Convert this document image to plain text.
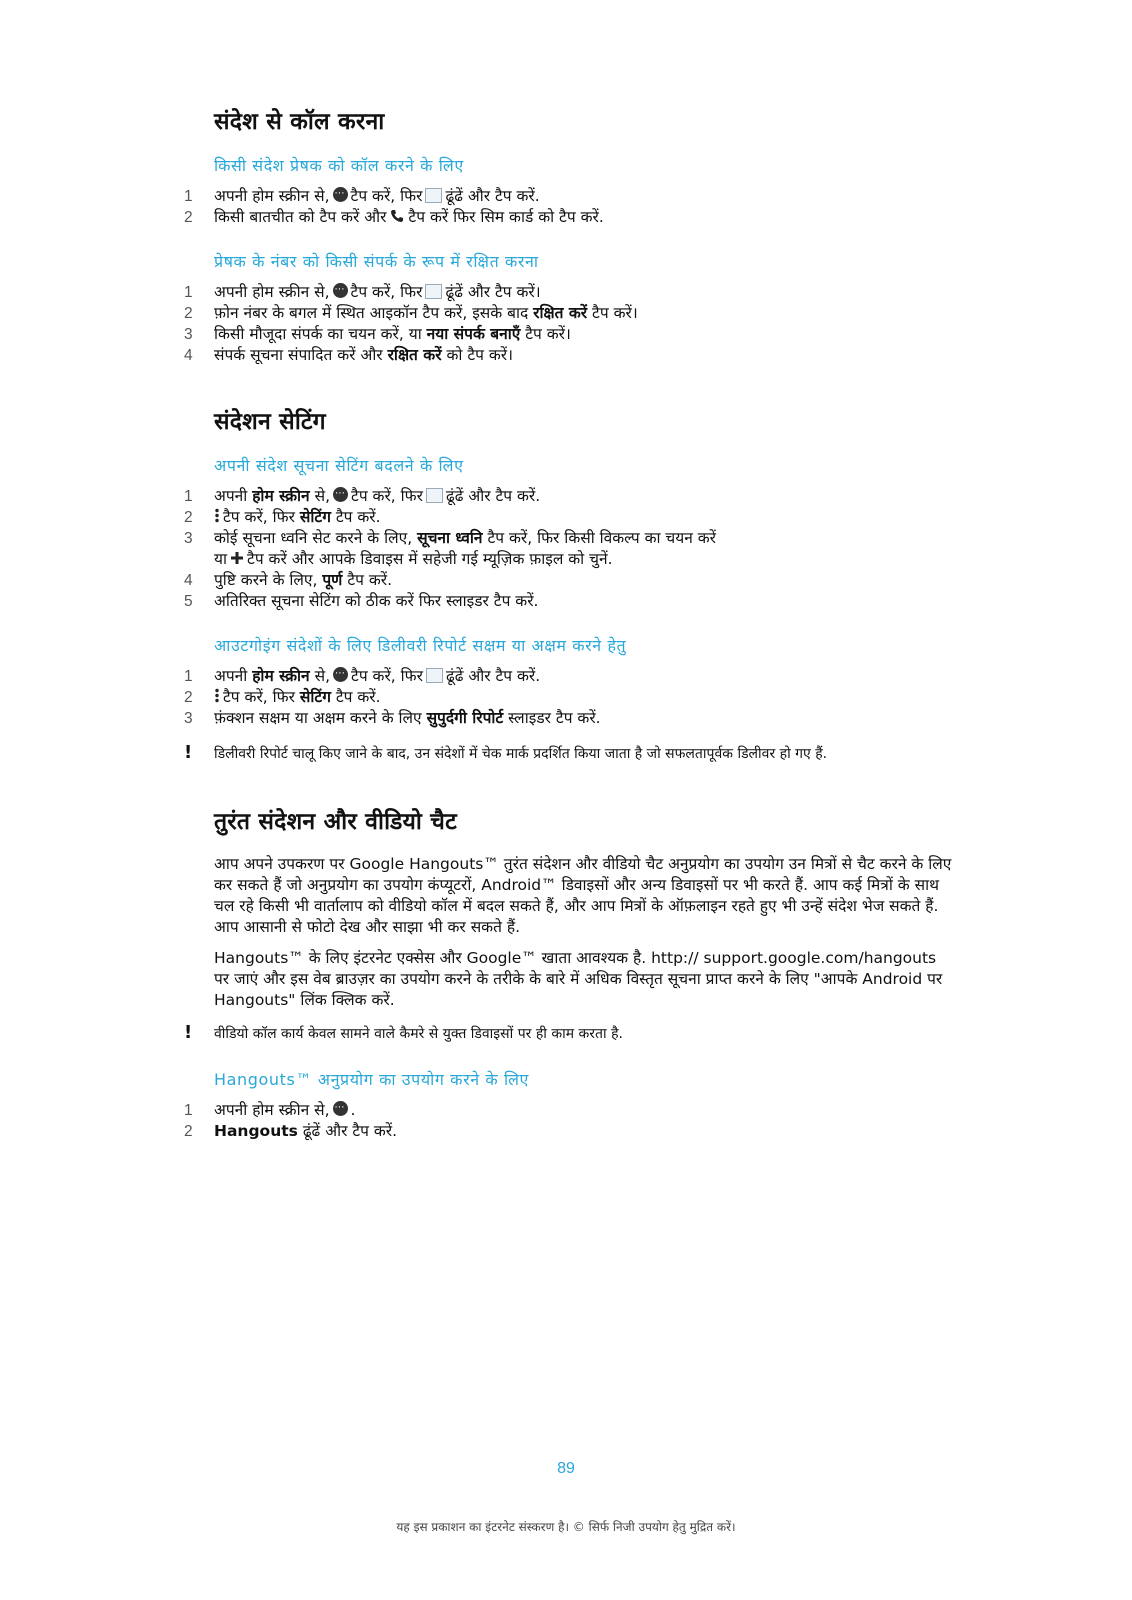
संदेश से कॉल करना
किसी संदेश प्रेषक को कॉल करने के लिए
1	अपनी होम स्क्रीन से, ⋯ टैप करें, फिर ढूंढें और टैप करें.
2	किसी बातचीत को टैप करें और टैप करें फिर सिम कार्ड को टैप करें.
प्रेषक के नंबर को किसी संपर्क के रूप में रक्षित करना
1	अपनी होम स्क्रीन से, ⋯ टैप करें, फिर ढूंढें और टैप करें।
2	फ़ोन नंबर के बगल में स्थित आइकॉन टैप करें, इसके बाद रक्षित करें टैप करें।
3	किसी मौजूदा संपर्क का चयन करें, या नया संपर्क बनाएँ टैप करें।
4	संपर्क सूचना संपादित करें और रक्षित करें को टैप करें।
संदेशन सेटिंग
अपनी संदेश सूचना सेटिंग बदलने के लिए
1	अपनी होम स्क्रीन से, ⋯ टैप करें, फिर ढूंढें और टैप करें.
2	टैप करें, फिर सेटिंग टैप करें.
3	कोई सूचना ध्वनि सेट करने के लिए, सूचना ध्वनि टैप करें, फिर किसी विकल्प का चयन करें
या टैप करें और आपके डिवाइस में सहेजी गई म्यूज़िक फ़ाइल को चुनें.
4	पुष्टि करने के लिए, पूर्ण टैप करें.
5	अतिरिक्त सूचना सेटिंग को ठीक करें फिर स्लाइडर टैप करें.
आउटगोइंग संदेशों के लिए डिलीवरी रिपोर्ट सक्षम या अक्षम करने हेतु
1	अपनी होम स्क्रीन से, ⋯ टैप करें, फिर ढूंढें और टैप करें.
2	टैप करें, फिर सेटिंग टैप करें.
3	फ़ंक्शन सक्षम या अक्षम करने के लिए सुपुर्दगी रिपोर्ट स्लाइडर टैप करें.
! डिलीवरी रिपोर्ट चालू किए जाने के बाद, उन संदेशों में चेक मार्क प्रदर्शित किया जाता है जो सफलतापूर्वक डिलीवर हो गए हैं.
तुरंत संदेशन और वीडियो चैट

आप अपने उपकरण पर Google Hangouts™ तुरंत संदेशन और वीडियो चैट अनुप्रयोग का उपयोग उन मित्रों से चैट करने के लिए कर सकते हैं जो अनुप्रयोग का उपयोग कंप्यूटरों, Android™ डिवाइसों और अन्य डिवाइसों पर भी करते हैं. आप कई मित्रों के साथ चल रहे किसी भी वार्तालाप को वीडियो कॉल में बदल सकते हैं, और आप मित्रों के ऑफ़लाइन रहते हुए भी उन्हें संदेश भेज सकते हैं. आप आसानी से फोटो देख और साझा भी कर सकते हैं.

Hangouts™ के लिए इंटरनेट एक्सेस और Google™ खाता आवश्यक है. http:// support.google.com/hangouts पर जाएं और इस वेब ब्राउज़र का उपयोग करने के तरीके के बारे में अधिक विस्तृत सूचना प्राप्त करने के लिए "आपके Android पर Hangouts" लिंक क्लिक करें.

! वीडियो कॉल कार्य केवल सामने वाले कैमरे से युक्त डिवाइसों पर ही काम करता है.
Hangouts™ अनुप्रयोग का उपयोग करने के लिए
1	अपनी होम स्क्रीन से, ⋯ .
2	Hangouts ढूंढें और टैप करें.
89
यह इस प्रकाशन का इंटरनेट संस्करण है। © सिर्फ निजी उपयोग हेतु मुद्रित करें।
